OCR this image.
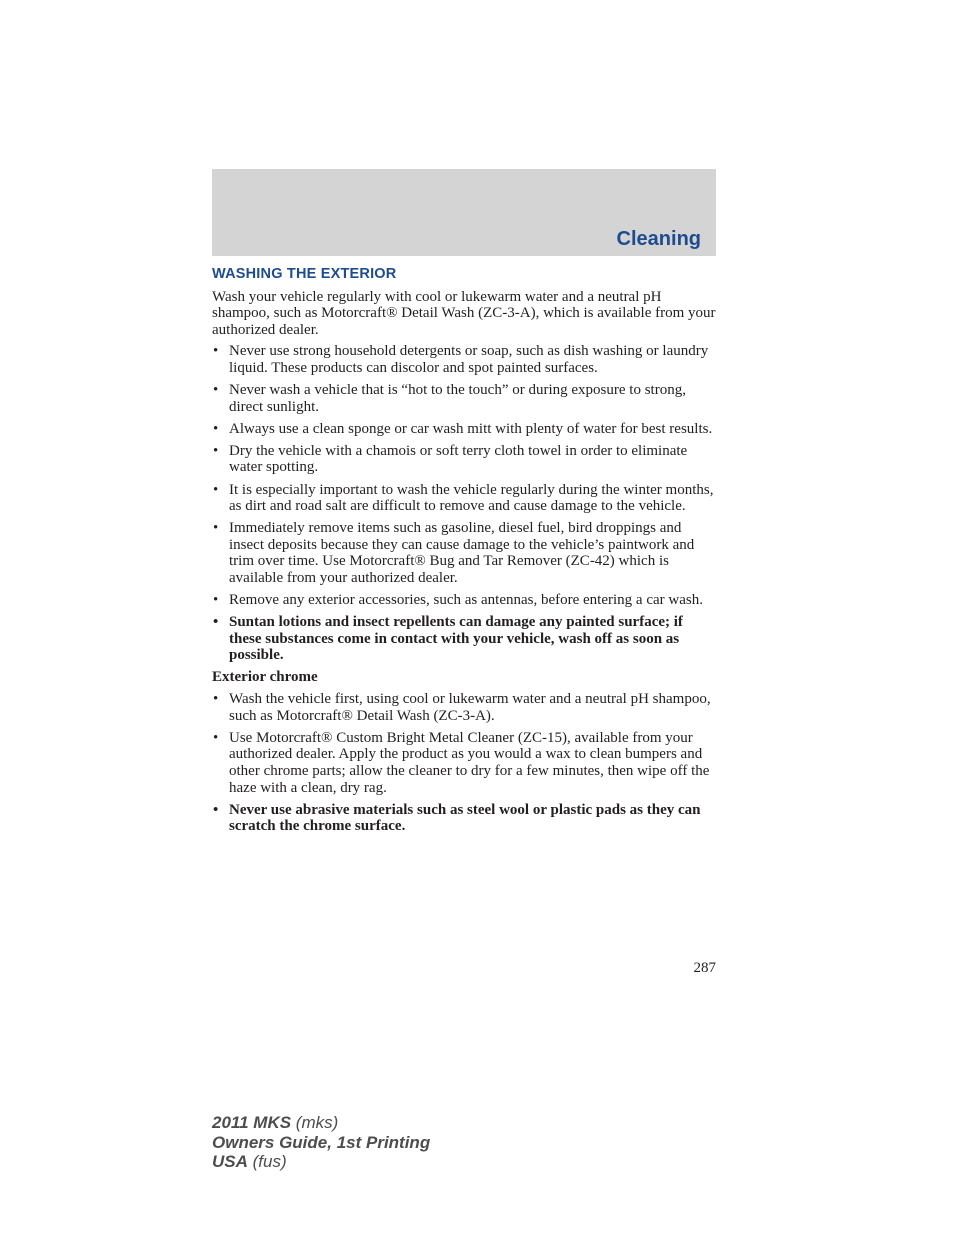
Cleaning
WASHING THE EXTERIOR

Wash your vehicle regularly with cool or lukewarm water and a neutral pH shampoo, such as Motorcraft® Detail Wash (ZC-3-A), which is available from your authorized dealer.

• Never use strong household detergents or soap, such as dish washing or laundry liquid. These products can discolor and spot painted surfaces.
• Never wash a vehicle that is “hot to the touch” or during exposure to strong, direct sunlight.
• Always use a clean sponge or car wash mitt with plenty of water for best results.
• Dry the vehicle with a chamois or soft terry cloth towel in order to eliminate water spotting.
• It is especially important to wash the vehicle regularly during the winter months, as dirt and road salt are difficult to remove and cause damage to the vehicle.
• Immediately remove items such as gasoline, diesel fuel, bird droppings and insect deposits because they can cause damage to the vehicle’s paintwork and trim over time. Use Motorcraft® Bug and Tar Remover (ZC-42) which is available from your authorized dealer.
• Remove any exterior accessories, such as antennas, before entering a car wash.
• Suntan lotions and insect repellents can damage any painted surface; if these substances come in contact with your vehicle, wash off as soon as possible.

Exterior chrome

• Wash the vehicle first, using cool or lukewarm water and a neutral pH shampoo, such as Motorcraft® Detail Wash (ZC-3-A).
• Use Motorcraft® Custom Bright Metal Cleaner (ZC-15), available from your authorized dealer. Apply the product as you would a wax to clean bumpers and other chrome parts; allow the cleaner to dry for a few minutes, then wipe off the haze with a clean, dry rag.
• Never use abrasive materials such as steel wool or plastic pads as they can scratch the chrome surface.
287
2011 MKS (mks)
Owners Guide, 1st Printing
USA (fus)
